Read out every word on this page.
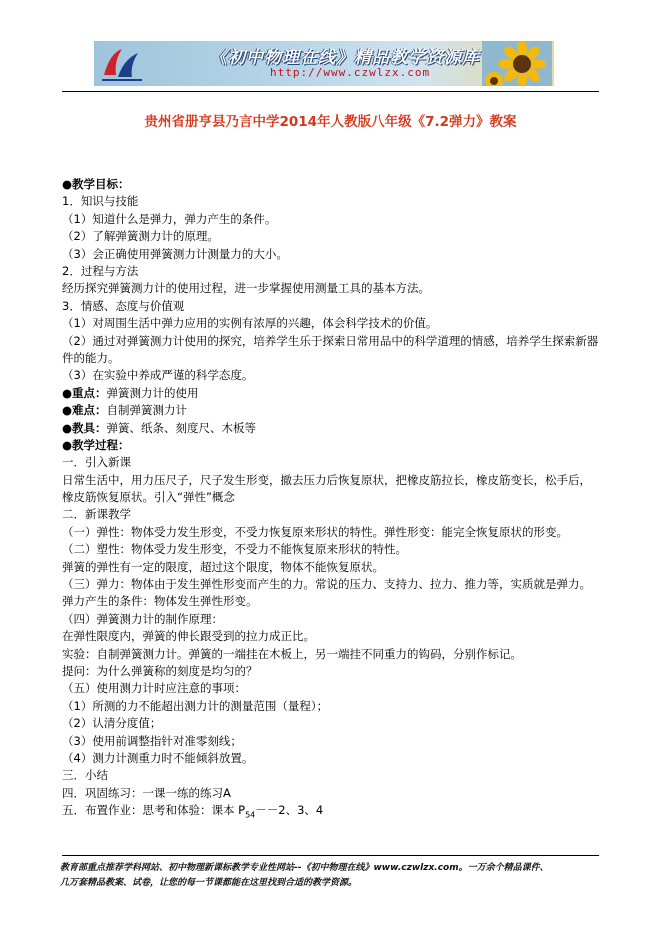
《初中物理在线》精品教学资源库
http://www.czwlzx.com
贵州省册亨县乃言中学2014年人教版八年级《7.2弹力》教案
●教学目标：
1．知识与技能
（1）知道什么是弹力，弹力产生的条件。
（2）了解弹簧测力计的原理。
（3）会正确使用弹簧测力计测量力的大小。
2．过程与方法
经历探究弹簧测力计的使用过程，进一步掌握使用测量工具的基本方法。
3．情感、态度与价值观
（1）对周围生活中弹力应用的实例有浓厚的兴趣，体会科学技术的价值。
（2）通过对弹簧测力计使用的探究，培养学生乐于探索日常用品中的科学道理的情感，培养学生探索新器件的能力。
（3）在实验中养成严谨的科学态度。
●重点：弹簧测力计的使用
●难点：自制弹簧测力计
●教具：弹簧、纸条、刻度尺、木板等
●教学过程：
一．引入新课
日常生活中，用力压尺子，尺子发生形变，撤去压力后恢复原状，把橡皮筋拉长，橡皮筋变长，松手后，橡皮筋恢复原状。引入“弹性”概念
二．新课教学
（一）弹性：物体受力发生形变，不受力恢复原来形状的特性。弹性形变：能完全恢复原状的形变。
（二）塑性：物体受力发生形变，不受力不能恢复原来形状的特性。
弹簧的弹性有一定的限度，超过这个限度，物体不能恢复原状。
（三）弹力：物体由于发生弹性形变而产生的力。常说的压力、支持力、拉力、推力等，实质就是弹力。
弹力产生的条件：物体发生弹性形变。
（四）弹簧测力计的制作原理：
在弹性限度内，弹簧的伸长跟受到的拉力成正比。
实验：自制弹簧测力计。弹簧的一端挂在木板上，另一端挂不同重力的钩码，分别作标记。
提问：为什么弹簧称的刻度是均匀的？
（五）使用测力计时应注意的事项：
（1）所测的力不能超出测力计的测量范围（量程）；
（2）认清分度值；
（3）使用前调整指针对准零刻线；
（4）测力计测重力时不能倾斜放置。
三．小结
四．巩固练习：一课一练的练习A
五．布置作业：思考和体验：课本 $P_{54}--2$、3、4
教育部重点推荐学科网站、初中物理新课标教学专业性网站--《初中物理在线》www.czwlzx.com。一万余个精品课件、
几万套精品教案、试卷，让您的每一节课都能在这里找到合适的教学资源。
